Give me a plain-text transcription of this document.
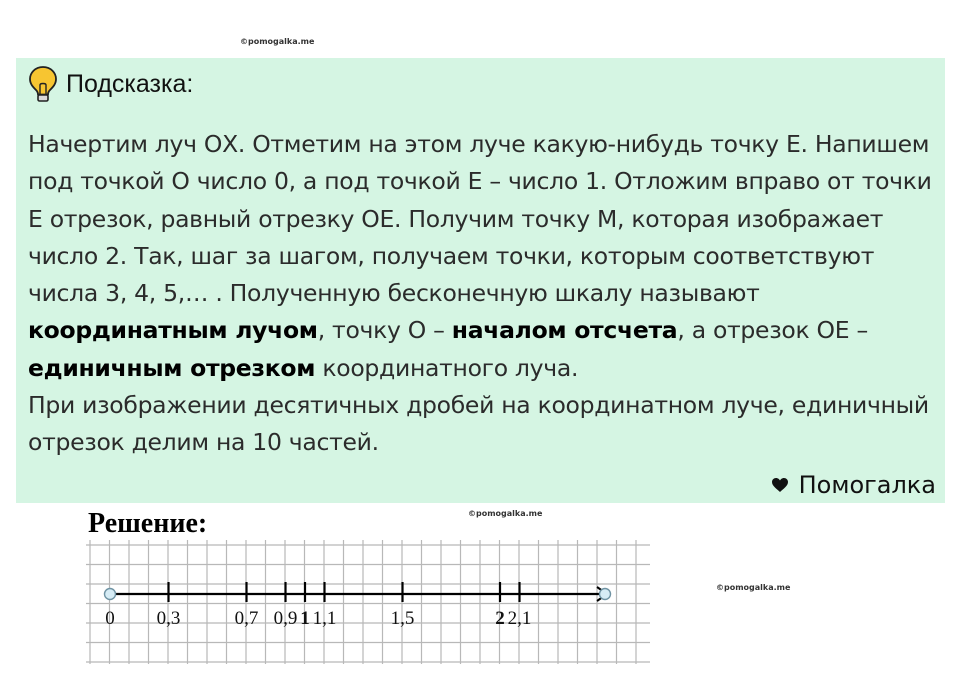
©pomogalka.me
Подсказка:

Начертим луч ОХ. Отметим на этом луче какую-нибудь точку Е. Напишем под точкой О число 0, а под точкой Е – число 1. Отложим вправо от точки Е отрезок, равный отрезку ОЕ. Получим точку М, которая изображает число 2. Так, шаг за шагом, получаем точки, которым соответствуют числа 3, 4, 5,… . Полученную бесконечную шкалу называют координатным лучом, точку О – началом отсчета, а отрезок ОЕ – единичным отрезком координатного луча.

При изображении десятичных дробей на координатном луче, единичный отрезок делим на 10 частей.

Помогалка
©pomogalka.me
©pomogalka.me
Решение:
0 0,3	0,7 0,9 1 1,1	1,5	2 2,1
